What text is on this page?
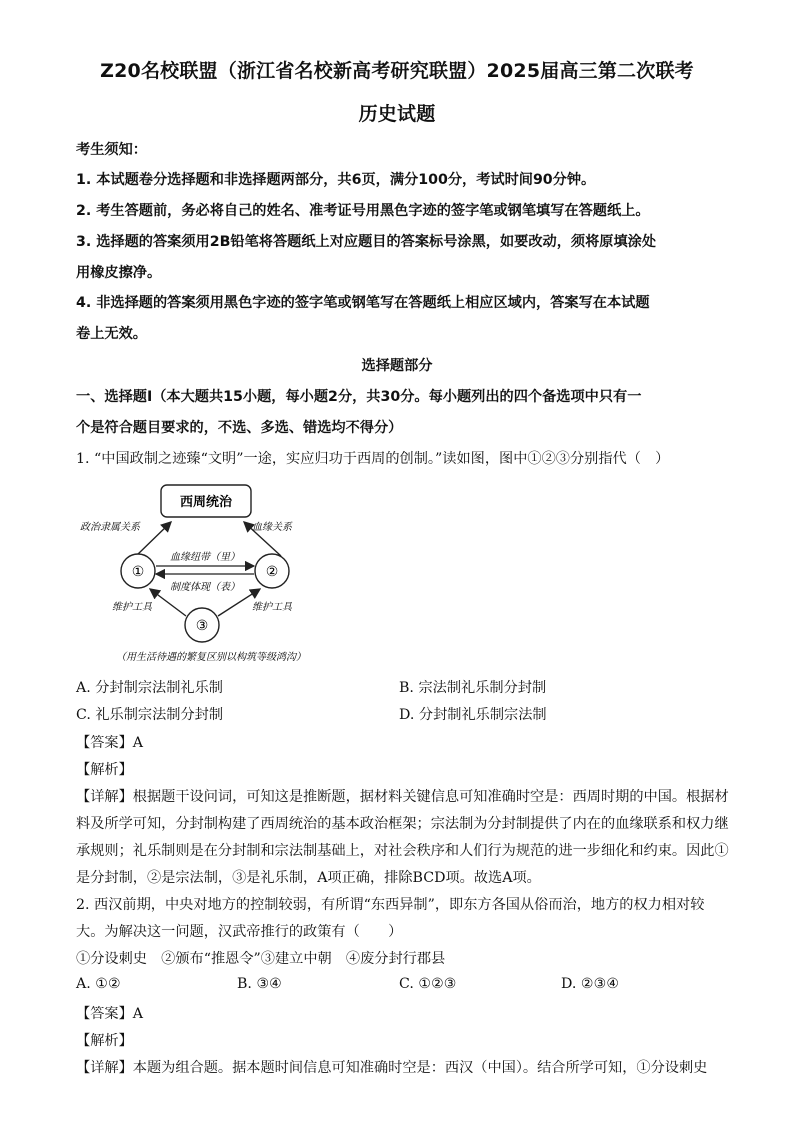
Z20名校联盟（浙江省名校新高考研究联盟）2025届高三第二次联考
历史试题
考生须知：
1. 本试题卷分选择题和非选择题两部分，共6页，满分100分，考试时间90分钟。
2. 考生答题前，务必将自己的姓名、准考证号用黑色字迹的签字笔或钢笔填写在答题纸上。
3. 选择题的答案须用2B铅笔将答题纸上对应题目的答案标号涂黑，如要改动，须将原填涂处
用橡皮擦净。
4. 非选择题的答案须用黑色字迹的签字笔或钢笔写在答题纸上相应区域内，答案写在本试题
卷上无效。
选择题部分
一、选择题Ⅰ（本大题共15小题，每小题2分，共30分。每小题列出的四个备选项中只有一
个是符合题目要求的，不选、多选、错选均不得分）
1. “中国政制之迹臻“文明”一途，实应归功于西周的创制。”读如图，图中①②③分别指代（　）
西周统治
政治隶属关系	血缘关系
①	②
③
血缘纽带（里）
制度体现（表）
维护工具	维护工具
（用生活待遇的繁复区别以构筑等级鸿沟）
A. 分封制宗法制礼乐制	B. 宗法制礼乐制分封制
C. 礼乐制宗法制分封制	D. 分封制礼乐制宗法制
【答案】A
【解析】
【详解】根据题干设问词，可知这是推断题，据材料关键信息可知准确时空是：西周时期的中国。根据材
料及所学可知，分封制构建了西周统治的基本政治框架；宗法制为分封制提供了内在的血缘联系和权力继
承规则；礼乐制则是在分封制和宗法制基础上，对社会秩序和人们行为规范的进一步细化和约束。因此①
是分封制，②是宗法制，③是礼乐制，A项正确，排除BCD项。故选A项。
2. 西汉前期，中央对地方的控制较弱，有所谓“东西异制”，即东方各国从俗而治，地方的权力相对较
大。为解决这一问题，汉武帝推行的政策有（　　）
①分设刺史　②颁布“推恩令”③建立中朝　④废分封行郡县
A. ①②	B. ③④	C. ①②③	D. ②③④
【答案】A
【解析】
【详解】本题为组合题。据本题时间信息可知准确时空是：西汉（中国）。结合所学可知，①分设刺史
